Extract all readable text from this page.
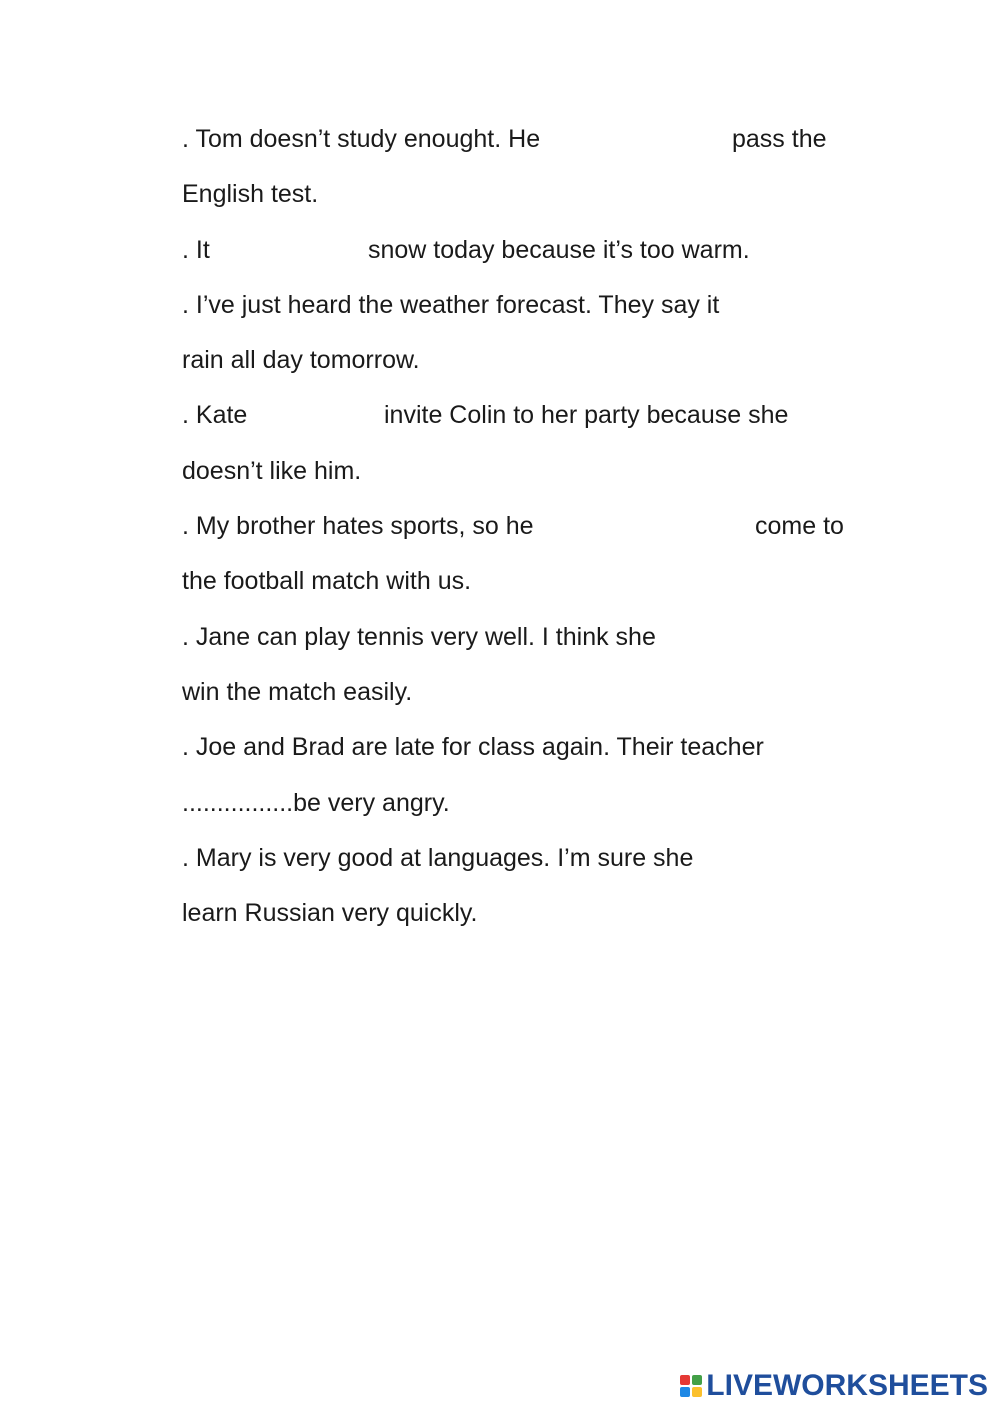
. Tom doesn’t study enought. He	pass the
English test.
. It	snow today because it’s too warm.
. I’ve just heard the weather forecast. They say it
rain all day tomorrow.
. Kate	invite Colin to her party because she
doesn’t like him.
. My brother hates sports, so he	come to
the football match with us.
. Jane can play tennis very well. I think she
win the match easily.
. Joe and Brad are late for class again. Their teacher
................be very angry.
. Mary is very good at languages. I’m sure she
learn Russian very quickly.
LIVEWORKSHEETS
